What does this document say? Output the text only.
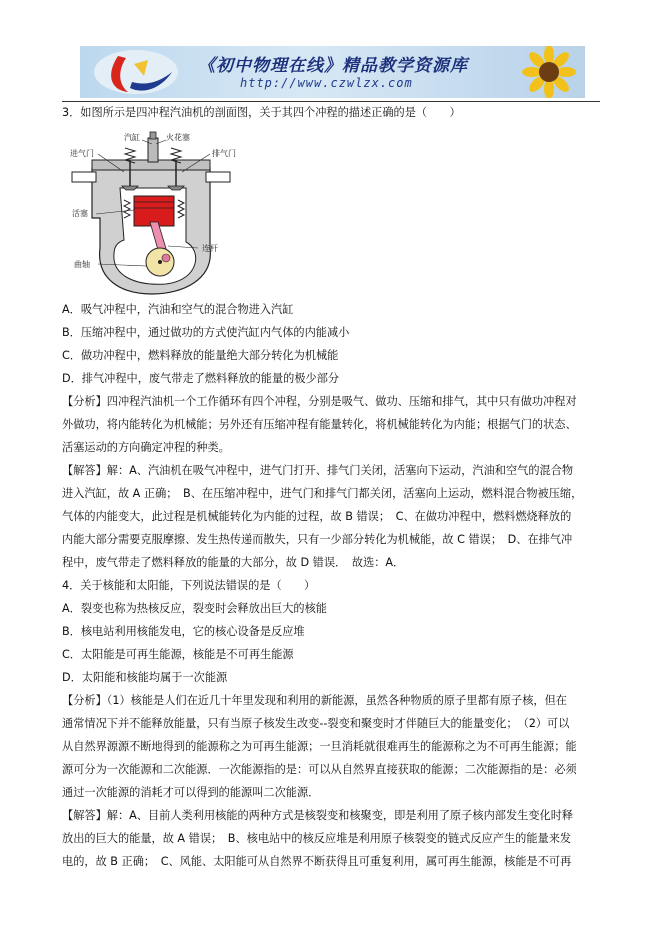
《初中物理在线》精品教学资源库
http://www.czwlzx.com
3．如图所示是四冲程汽油机的剖面图，关于其四个冲程的描述正确的是（　　）
汽缸	火花塞
进气门	排气门
活塞
连杆
曲轴
A．吸气冲程中，汽油和空气的混合物进入汽缸
B．压缩冲程中，通过做功的方式使汽缸内气体的内能减小
C．做功冲程中，燃料释放的能量绝大部分转化为机械能
D．排气冲程中，废气带走了燃料释放的能量的极少部分
【分析】四冲程汽油机一个工作循环有四个冲程，分别是吸气、做功、压缩和排气，其中只有做功冲程对
外做功，将内能转化为机械能；另外还有压缩冲程有能量转化，将机械能转化为内能；根据气门的状态、
活塞运动的方向确定冲程的种类。
【解答】解：A、汽油机在吸气冲程中，进气门打开、排气门关闭，活塞向下运动，汽油和空气的混合物
进入汽缸，故 A 正确；　B、在压缩冲程中，进气门和排气门都关闭，活塞向上运动，燃料混合物被压缩，
气体的内能变大，此过程是机械能转化为内能的过程，故 B 错误；　C、在做功冲程中，燃料燃烧释放的
内能大部分需要克服摩擦、发生热传递而散失，只有一少部分转化为机械能，故 C 错误；　D、在排气冲
程中，废气带走了燃料释放的能量的大部分，故 D 错误．　故选：A．
4．关于核能和太阳能，下列说法错误的是（　　）
A．裂变也称为热核反应，裂变时会释放出巨大的核能
B．核电站利用核能发电，它的核心设备是反应堆
C．太阳能是可再生能源，核能是不可再生能源
D．太阳能和核能均属于一次能源
【分析】（1）核能是人们在近几十年里发现和利用的新能源，虽然各种物质的原子里都有原子核，但在
通常情况下并不能释放能量，只有当原子核发生改变--裂变和聚变时才伴随巨大的能量变化；　（2）可以
从自然界源源不断地得到的能源称之为可再生能源；一旦消耗就很难再生的能源称之为不可再生能源；能
源可分为一次能源和二次能源．一次能源指的是：可以从自然界直接获取的能源；二次能源指的是：必须
通过一次能源的消耗才可以得到的能源叫二次能源．
【解答】解：A、目前人类利用核能的两种方式是核裂变和核聚变，即是利用了原子核内部发生变化时释
放出的巨大的能量，故 A 错误；　B、核电站中的核反应堆是利用原子核裂变的链式反应产生的能量来发
电的，故 B 正确；　C、风能、太阳能可从自然界不断获得且可重复利用，属可再生能源，核能是不可再
